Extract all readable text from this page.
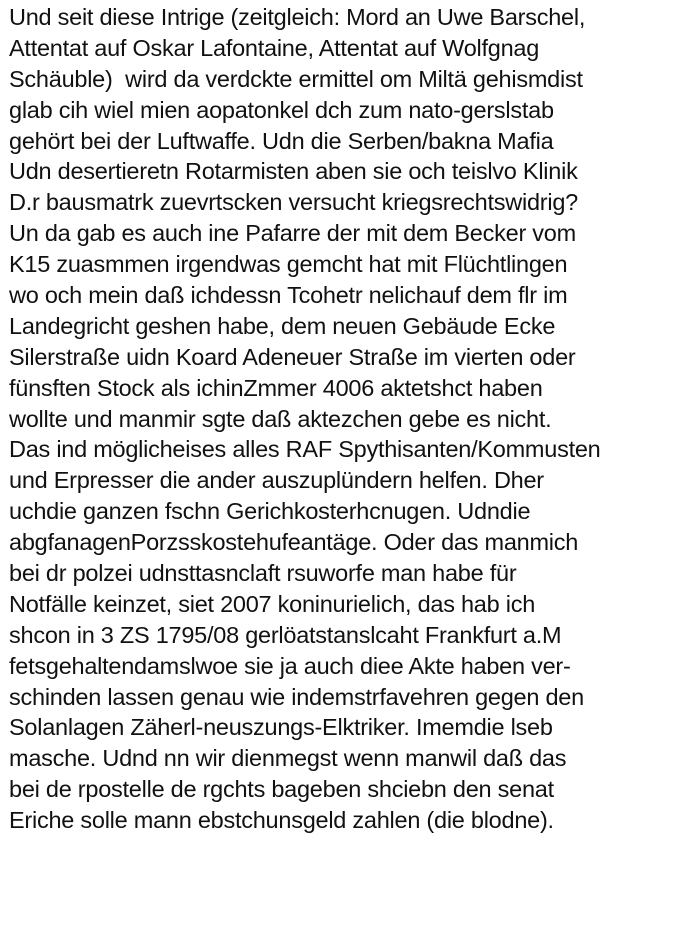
Und seit diese Intrige (zeitgleich: Mord an Uwe Barschel,
Attentat auf Oskar Lafontaine, Attentat auf Wolfgnag
Schäuble)  wird da verdckte ermittel om Miltä gehismdist
glab cih wiel mien aopatonkel dch zum nato-gerslstab
gehört bei der Luftwaffe. Udn die Serben/bakna Mafia
Udn desertieretn Rotarmisten aben sie och teislvo Klinik
D.r bausmatrk zuevrtscken versucht kriegsrechtswidrig?
Un da gab es auch ine Pafarre der mit dem Becker vom
K15 zuasmmen irgendwas gemcht hat mit Flüchtlingen
wo och mein daß ichdessn Tcohetr nelichauf dem flr im
Landegricht geshen habe, dem neuen Gebäude Ecke
Silerstraße uidn Koard Adeneuer Straße im vierten oder
fünsften Stock als ichinZmmer 4006 aktetshct haben
wollte und manmir sgte daß aktezchen gebe es nicht.
Das ind möglicheises alles RAF Spythisanten/Kommusten
und Erpresser die ander auszuplündern helfen. Dher
uchdie ganzen fschn Gerichkosterhcnugen. Udndie
abgfanagenPorzsskostehufeantäge. Oder das manmich
bei dr polzei udnsttasnclaft rsuworfe man habe für
Notfälle keinzet, siet 2007 koninurielich, das hab ich
shcon in 3 ZS 1795/08 gerlöatstanslcaht Frankfurt a.M
fetsgehaltendamslwoe sie ja auch diee Akte haben ver-
schinden lassen genau wie indemstrfavehren gegen den
Solanlagen Zäherl-neuszungs-Elktriker. Imemdie lseb
masche. Udnd nn wir dienmegst wenn manwil daß das
bei de rpostelle de rgchts bageben shciebn den senat
Eriche solle mann ebstchunsgeld zahlen (die blodne).
